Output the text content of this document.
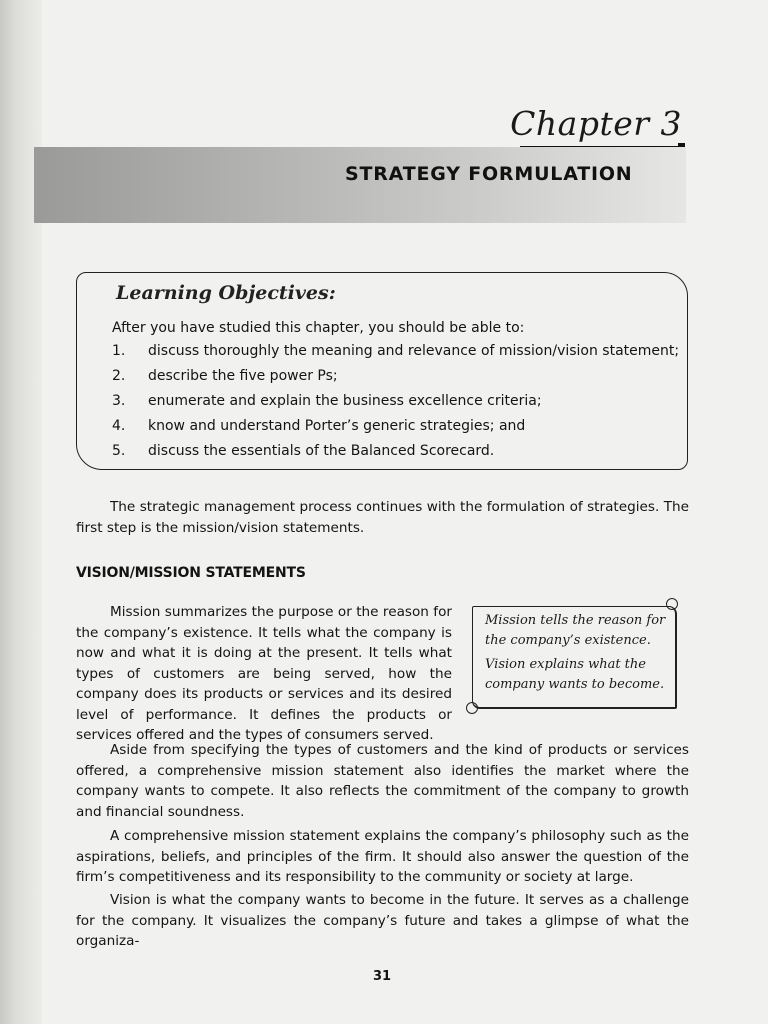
Chapter 3
STRATEGY FORMULATION
Learning Objectives:
After you have studied this chapter, you should be able to:
1. discuss thoroughly the meaning and relevance of mission/vision statement;
2. describe the five power Ps;
3. enumerate and explain the business excellence criteria;
4. know and understand Porter’s generic strategies; and
5. discuss the essentials of the Balanced Scorecard.

The strategic management process continues with the formulation of strategies. The first step is the mission/vision statements.

VISION/MISSION STATEMENTS

Mission summarizes the purpose or the reason for the company’s existence. It tells what the company is now and what it is doing at the present. It tells what types of customers are being served, how the company does its products or services and its desired level of performance. It defines the products or services offered and the types of consumers served.

Mission tells the reason for the company’s existence.

Vision explains what the company wants to become.

Aside from specifying the types of customers and the kind of products or services offered, a comprehensive mission statement also identifies the market where the company wants to compete. It also reflects the commitment of the company to growth and financial soundness.

A comprehensive mission statement explains the company’s philosophy such as the aspirations, beliefs, and principles of the firm. It should also answer the question of the firm’s competitiveness and its responsibility to the community or society at large.

Vision is what the company wants to become in the future. It serves as a challenge for the company. It visualizes the company’s future and takes a glimpse of what the organiza-

31
